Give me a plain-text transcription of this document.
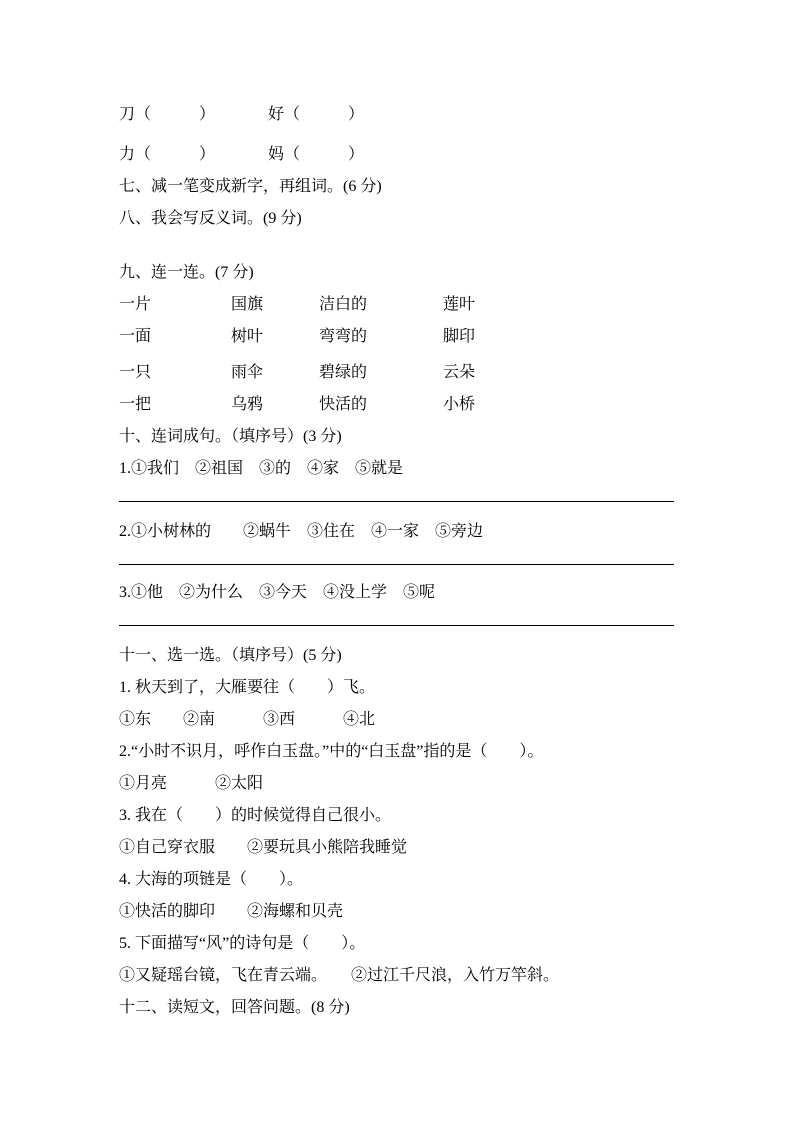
刀（　　　）	好（　　　）
力（　　　）	妈（　　　）
七、减一笔变成新字，再组词。(6 分)
八、我会写反义词。(9 分)
九、连一连。(7 分)
一片	国旗	洁白的	莲叶
一面	树叶	弯弯的	脚印
一只	雨伞	碧绿的	云朵
一把	乌鸦	快活的	小桥
十、连词成句。（填序号）(3 分)
1.①我们　②祖国　③的　④家　⑤就是
2.①小树林的　　②蜗牛　③住在　④一家　⑤旁边
3.①他　②为什么　③今天　④没上学　⑤呢
十一、选一选。（填序号）(5 分)
1. 秋天到了，大雁要往（　　）飞。
①东　　②南　　　③西　　　④北
2.“小时不识月，呼作白玉盘。”中的“白玉盘”指的是（　　）。
①月亮　　　②太阳
3. 我在（　　）的时候觉得自己很小。
①自己穿衣服　　②要玩具小熊陪我睡觉
4. 大海的项链是（　　）。
①快活的脚印　　②海螺和贝壳
5. 下面描写“风”的诗句是（　　）。
①又疑瑶台镜，飞在青云端。　　②过江千尺浪，入竹万竿斜。
十二、读短文，回答问题。(8 分)
